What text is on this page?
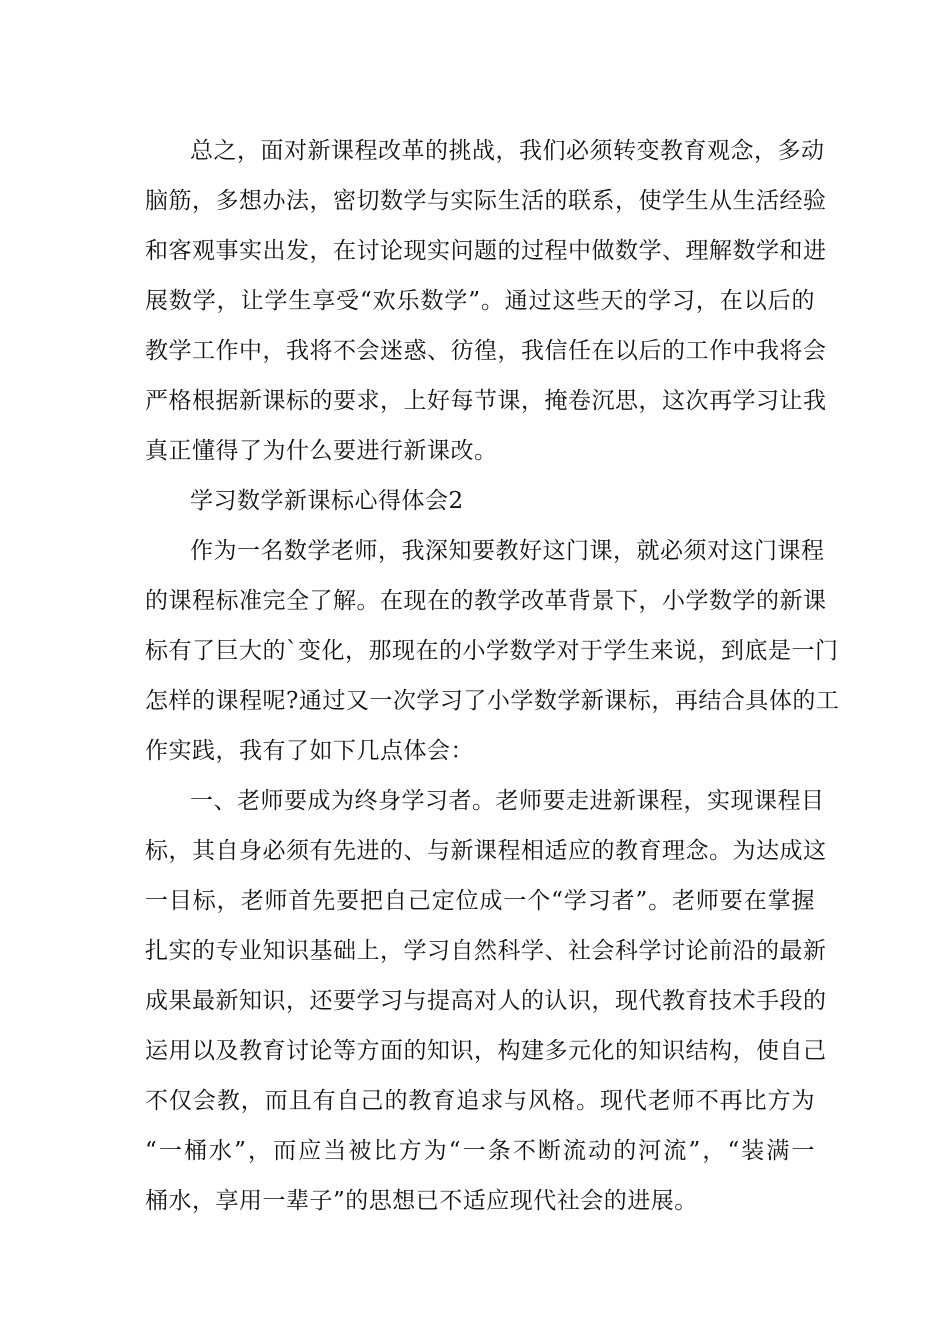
总之，面对新课程改革的挑战，我们必须转变教育观念，多动
脑筋，多想办法，密切数学与实际生活的联系，使学生从生活经验
和客观事实出发，在讨论现实问题的过程中做数学、理解数学和进
展数学，让学生享受“欢乐数学”。通过这些天的学习，在以后的
教学工作中，我将不会迷惑、彷徨，我信任在以后的工作中我将会
严格根据新课标的要求，上好每节课，掩卷沉思，这次再学习让我
真正懂得了为什么要进行新课改。
学习数学新课标心得体会2
作为一名数学老师，我深知要教好这门课，就必须对这门课程
的课程标准完全了解。在现在的教学改革背景下，小学数学的新课
标有了巨大的`变化，那现在的小学数学对于学生来说，到底是一门
怎样的课程呢?通过又一次学习了小学数学新课标，再结合具体的工
作实践，我有了如下几点体会：
一、老师要成为终身学习者。老师要走进新课程，实现课程目
标，其自身必须有先进的、与新课程相适应的教育理念。为达成这
一目标，老师首先要把自己定位成一个“学习者”。老师要在掌握
扎实的专业知识基础上，学习自然科学、社会科学讨论前沿的最新
成果最新知识，还要学习与提高对人的认识，现代教育技术手段的
运用以及教育讨论等方面的知识，构建多元化的知识结构，使自己
不仅会教，而且有自己的教育追求与风格。现代老师不再比方为
“一桶水”，而应当被比方为“一条不断流动的河流”，“装满一
桶水，享用一辈子”的思想已不适应现代社会的进展。
